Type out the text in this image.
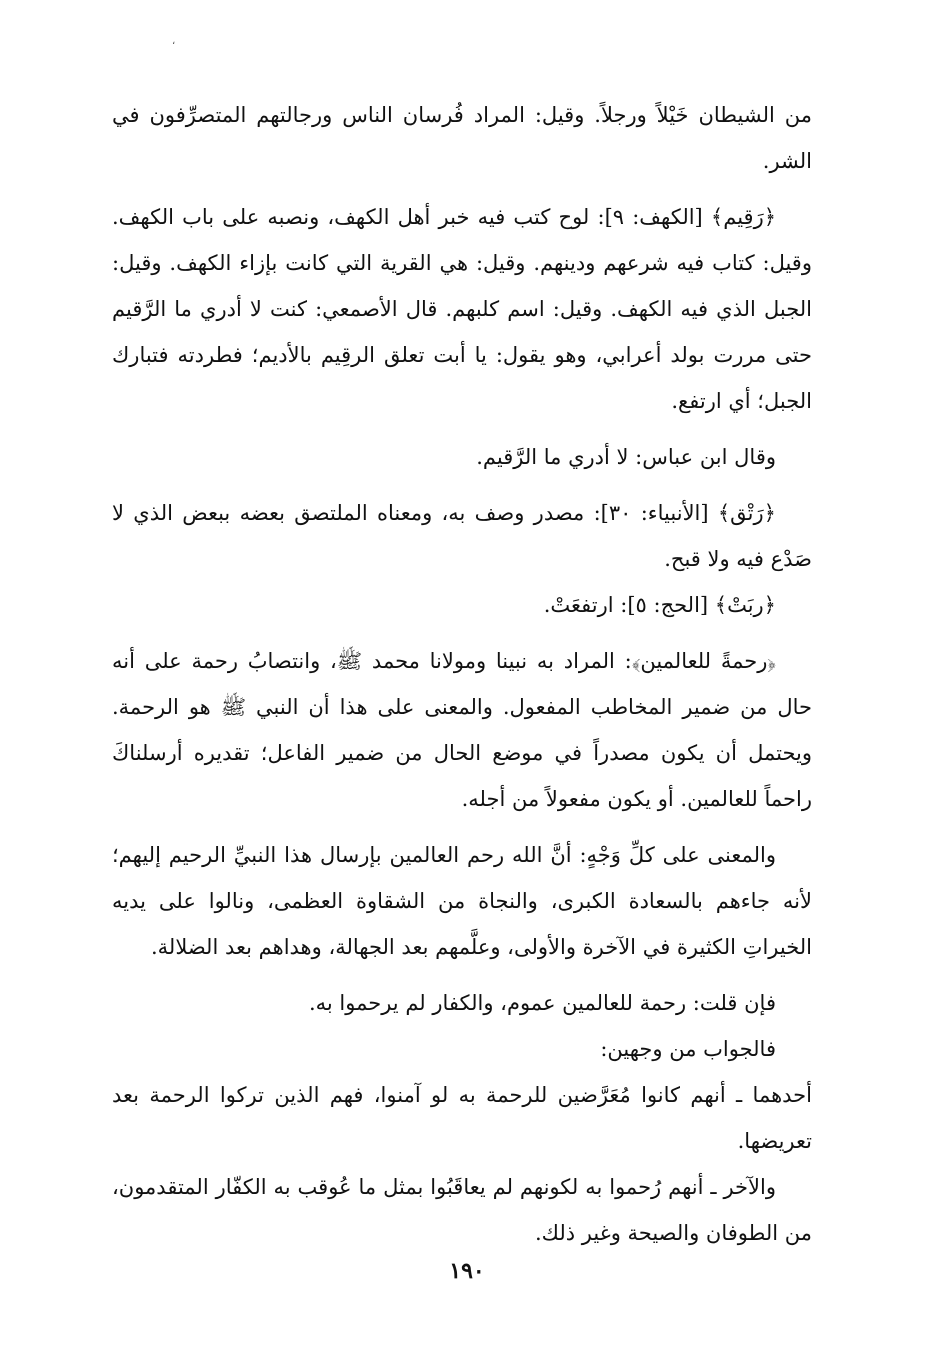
،

من الشيطان خَيْلاً ورجلاً. وقيل: المراد فُرسان الناس ورجالتهم المتصرِّفون في الشر.

﴿رَقِيم﴾ [الكهف: ٩]: لوح كتب فيه خبر أهل الكهف، ونصبه على باب الكهف. وقيل: كتاب فيه شرعهم ودينهم. وقيل: هي القرية التي كانت بإزاء الكهف. وقيل: الجبل الذي فيه الكهف. وقيل: اسم كلبهم. قال الأصمعي: كنت لا أدري ما الرَّقيم حتى مررت بولد أعرابي، وهو يقول: يا أبت تعلق الرقِيم بالأديم؛ فطردته فتبارك الجبل؛ أي ارتفع.

وقال ابن عباس: لا أدري ما الرَّقيم.

﴿رَتْق﴾ [الأنبياء: ٣٠]: مصدر وصف به، ومعناه الملتصق بعضه ببعض الذي لا صَدْع فيه ولا قبح.

﴿ربَتْ﴾ [الحج: ٥]: ارتفعَتْ.

﴿رحمةً للعالمين﴾: المراد به نبينا ومولانا محمد ﷺ، وانتصابُ رحمة على أنه حال من ضمير المخاطب المفعول. والمعنى على هذا أن النبي ﷺ هو الرحمة. ويحتمل أن يكون مصدراً في موضع الحال من ضمير الفاعل؛ تقديره أرسلناكَ راحماً للعالمين. أو يكون مفعولاً من أجله.

والمعنى على كلِّ وَجْهٍ: أنَّ الله رحم العالمين بإرسال هذا النبيِّ الرحيم إليهم؛ لأنه جاءهم بالسعادة الكبرى، والنجاة من الشقاوة العظمى، ونالوا على يديه الخيراتِ الكثيرة في الآخرة والأولى، وعلَّمهم بعد الجهالة، وهداهم بعد الضلالة.

فإن قلت: رحمة للعالمين عموم، والكفار لم يرحموا به.

فالجواب من وجهين:

أحدهما ـ أنهم كانوا مُعَرَّضين للرحمة به لو آمنوا، فهم الذين تركوا الرحمة بعد تعريضها.

والآخر ـ أنهم رُحموا به لكونهم لم يعاقَبُوا بمثل ما عُوقب به الكفّار المتقدمون، من الطوفان والصيحة وغير ذلك.

١٩٠
